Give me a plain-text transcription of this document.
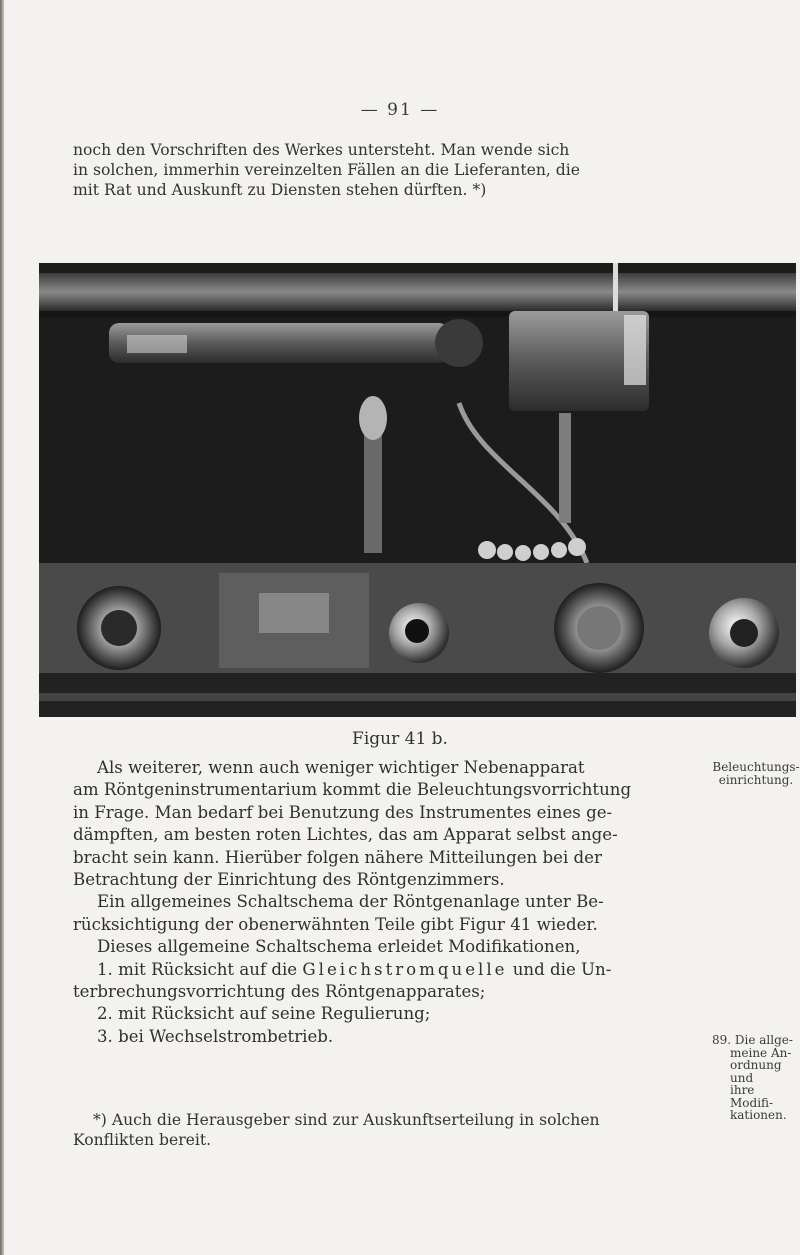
— 91 —

noch den Vorschriften des Werkes untersteht. Man wende sich

in solchen, immerhin vereinzelten Fällen an die Lieferanten, die

mit Rat und Auskunft zu Diensten stehen dürften. *)

Figur 41 b.

Als weiterer, wenn auch weniger wichtiger Nebenapparat

am Röntgeninstrumentarium kommt die Beleuchtungsvorrichtung

in Frage. Man bedarf bei Benutzung des Instrumentes eines ge-

dämpften, am besten roten Lichtes, das am Apparat selbst ange-

bracht sein kann. Hierüber folgen nähere Mitteilungen bei der

Betrachtung der Einrichtung des Röntgenzimmers.

Ein allgemeines Schaltschema der Röntgenanlage unter Be-

rücksichtigung der obenerwähnten Teile gibt Figur 41 wieder.

Dieses allgemeine Schaltschema erleidet Modifikationen,

1. mit Rücksicht auf die Gleichstromquelle und die Un-

terbrechungsvorrichtung des Röntgenapparates;

2. mit Rücksicht auf seine Regulierung;

3. bei Wechselstrombetrieb.

Beleuchtungs-
einrichtung.
89. Die allge-
meine An-
ordnung und
ihre Modifi-
kationen.

*) Auch die Herausgeber sind zur Auskunftserteilung in solchen

Konflikten bereit.
